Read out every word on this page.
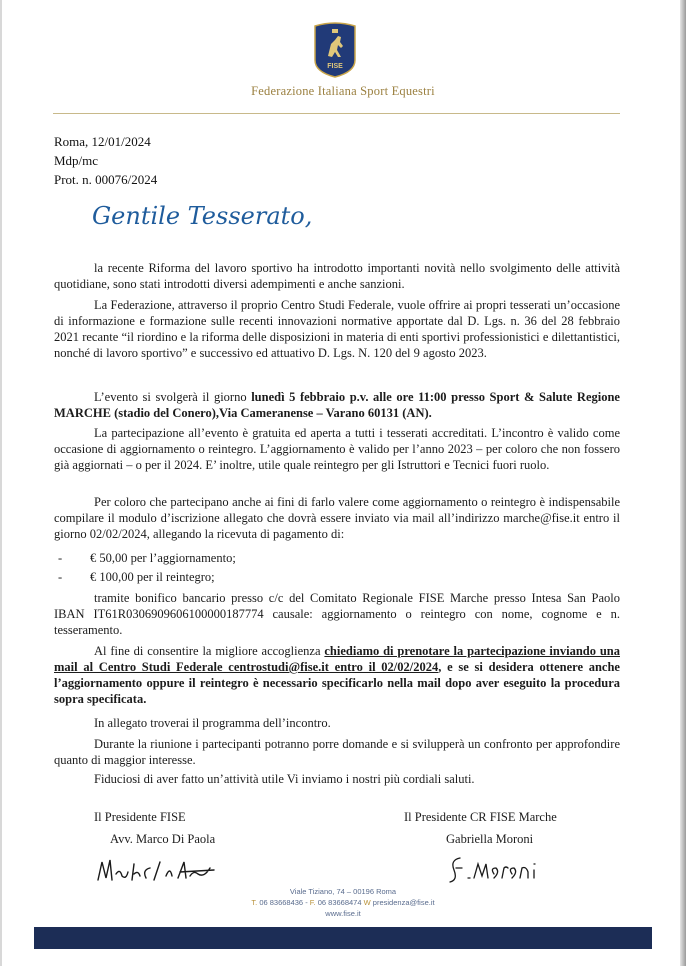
FISE
Federazione Italiana Sport Equestri
Roma, 12/01/2024
Mdp/mc
Prot. n. 00076/2024
Gentile Tesserato,

la recente Riforma del lavoro sportivo ha introdotto importanti novità nello svolgimento delle attività quotidiane, sono stati introdotti diversi adempimenti e anche sanzioni.

La Federazione, attraverso il proprio Centro Studi Federale, vuole offrire ai propri tesserati un’occasione di informazione e formazione sulle recenti innovazioni normative apportate dal D. Lgs. n. 36 del 28 febbraio 2021 recante “il riordino e la riforma delle disposizioni in materia di enti sportivi professionistici e dilettantistici, nonché di lavoro sportivo” e successivo ed attuativo D. Lgs. N. 120 del 9 agosto 2023.

L’evento si svolgerà il giorno lunedì 5 febbraio p.v. alle ore 11:00 presso Sport & Salute Regione MARCHE (stadio del Conero),Via Cameranense – Varano 60131 (AN).

La partecipazione all’evento è gratuita ed aperta a tutti i tesserati accreditati. L’incontro è valido come occasione di aggiornamento o reintegro. L’aggiornamento è valido per l’anno 2023 – per coloro che non fossero già aggiornati – o per il 2024. E’ inoltre, utile quale reintegro per gli Istruttori e Tecnici fuori ruolo.

Per coloro che partecipano anche ai fini di farlo valere come aggiornamento o reintegro è indispensabile compilare il modulo d’iscrizione allegato che dovrà essere inviato via mail all’indirizzo marche@fise.it entro il giorno 02/02/2024, allegando la ricevuta di pagamento di:

- € 50,00 per l’aggiornamento;
- € 100,00 per il reintegro;

tramite bonifico bancario presso c/c del Comitato Regionale FISE Marche presso Intesa San Paolo IBAN IT61R0306909606100000187774 causale: aggiornamento o reintegro con nome, cognome e n. tesseramento.

Al fine di consentire la migliore accoglienza chiediamo di prenotare la partecipazione inviando una mail al Centro Studi Federale centrostudi@fise.it entro il 02/02/2024, e se si desidera ottenere anche l’aggiornamento oppure il reintegro è necessario specificarlo nella mail dopo aver eseguito la procedura sopra specificata.

In allegato troverai il programma dell’incontro.

Durante la riunione i partecipanti potranno porre domande e si svilupperà un confronto per approfondire quanto di maggior interesse.

Fiduciosi di aver fatto un’attività utile Vi inviamo i nostri più cordiali saluti.

Il Presidente FISE
Avv. Marco Di Paola
Il Presidente CR FISE Marche
Gabriella Moroni
Viale Tiziano, 74 – 00196 Roma
T. 06 83668436 - F. 06 83668474 W presidenza@fise.it
www.fise.it
